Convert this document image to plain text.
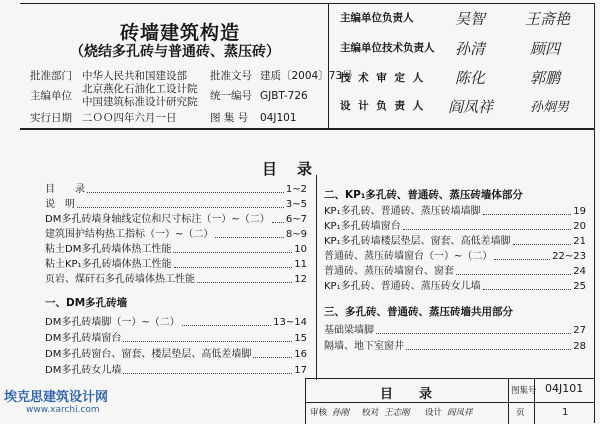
砖墙建筑构造
（烧结多孔砖与普通砖、蒸压砖）
批准部门 中华人民共和国建设部 批准文号 建质〔2004〕73号
主编单位
北京燕化石油化工设计院
中国建筑标准设计研究院 统一编号 GJBT-726
实行日期 二ＯＯ四年六月一日	图 集 号 04J101
主编单位负责人	吴智	王斋艳
主编单位技术负责人 孙清	顾四
技 术 审 定 人 陈化	郭鹏
设 计 负 责 人 阎凤祥	孙炯男
目录
目　　录	1~2
说　明	3~5
DM多孔砖墙身轴线定位和尺寸标注（一）~（二） 6~7
建筑围护结构热工指标（一）~（二）	8~9
粘土DM多孔砖墙体热工性能	10
粘土KP₁多孔砖墙体热工性能	11
页岩、煤矸石多孔砖墙体热工性能	12
一、DM多孔砖墙
DM多孔砖墙脚（一）~（二）	13~14
DM多孔砖墙窗台	15
DM多孔砖窗台、窗套、楼层垫层、高低差墙脚	16
DM多孔砖女儿墙	17
二、KP₁多孔砖、普通砖、蒸压砖墙体部分
KP₁多孔砖、普通砖、蒸压砖墙墙脚	19
KP₁多孔砖墙窗台	20
KP₁多孔砖墙楼层垫层、窗套、高低差墙脚	21
普通砖、蒸压砖墙窗台（一）~（二）	22~23
普通砖、蒸压砖墙窗台、窗套	24
KP₁多孔砖、普通砖、蒸压砖女儿墙	25
三、多孔砖、普通砖、蒸压砖墙共用部分
基础梁墙脚	27
隔墙、地下室窗井	28
目　　录	图集号 04J101
审核 孙刚 校对 王志刚 设计 阎凤祥	页	1
埃克思建筑设计网
www.xarchi.com
